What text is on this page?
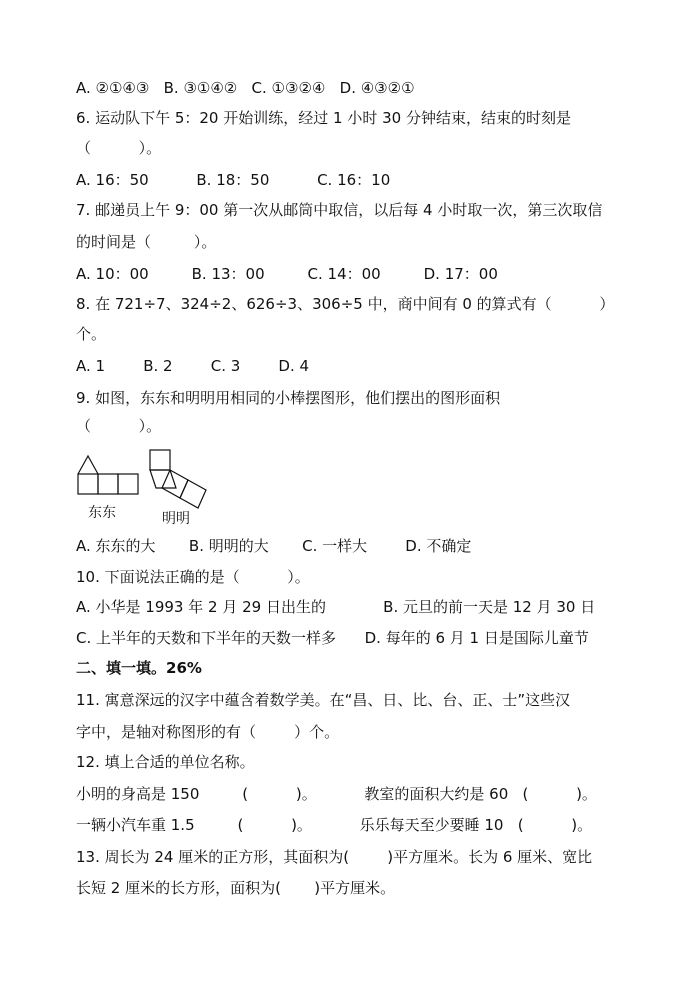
A. ②①④③   B. ③①④②   C. ①③②④   D. ④③②①
6. 运动队下午 5：20 开始训练，经过 1 小时 30 分钟结束，结束的时刻是
（          ）。
A. 16：50          B. 18：50          C. 16：10
7. 邮递员上午 9：00 第一次从邮筒中取信，以后每 4 小时取一次，第三次取信
的时间是（         ）。
A. 10：00         B. 13：00         C. 14：00         D. 17：00
8. 在 721÷7、324÷2、626÷3、306÷5 中，商中间有 0 的算式有（          ）
个。
A. 1        B. 2        C. 3        D. 4
9. 如图，东东和明明用相同的小棒摆图形，他们摆出的图形面积
（          ）。
东东	明明
A. 东东的大       B. 明明的大       C. 一样大        D. 不确定
10. 下面说法正确的是（          ）。
A. 小华是 1993 年 2 月 29 日出生的            B. 元旦的前一天是 12 月 30 日
C. 上半年的天数和下半年的天数一样多      D. 每年的 6 月 1 日是国际儿童节
二、填一填。26%
11. 寓意深远的汉字中蕴含着数学美。在“昌、日、比、台、正、士”这些汉
字中，是轴对称图形的有（        ）个。
12. 填上合适的单位名称。
小明的身高是 150         (          )。          教室的面积大约是 60   (          )。
一辆小汽车重 1.5         (          )。          乐乐每天至少要睡 10   (          )。
13. 周长为 24 厘米的正方形，其面积为(        )平方厘米。长为 6 厘米、宽比
长短 2 厘米的长方形，面积为(       )平方厘米。
